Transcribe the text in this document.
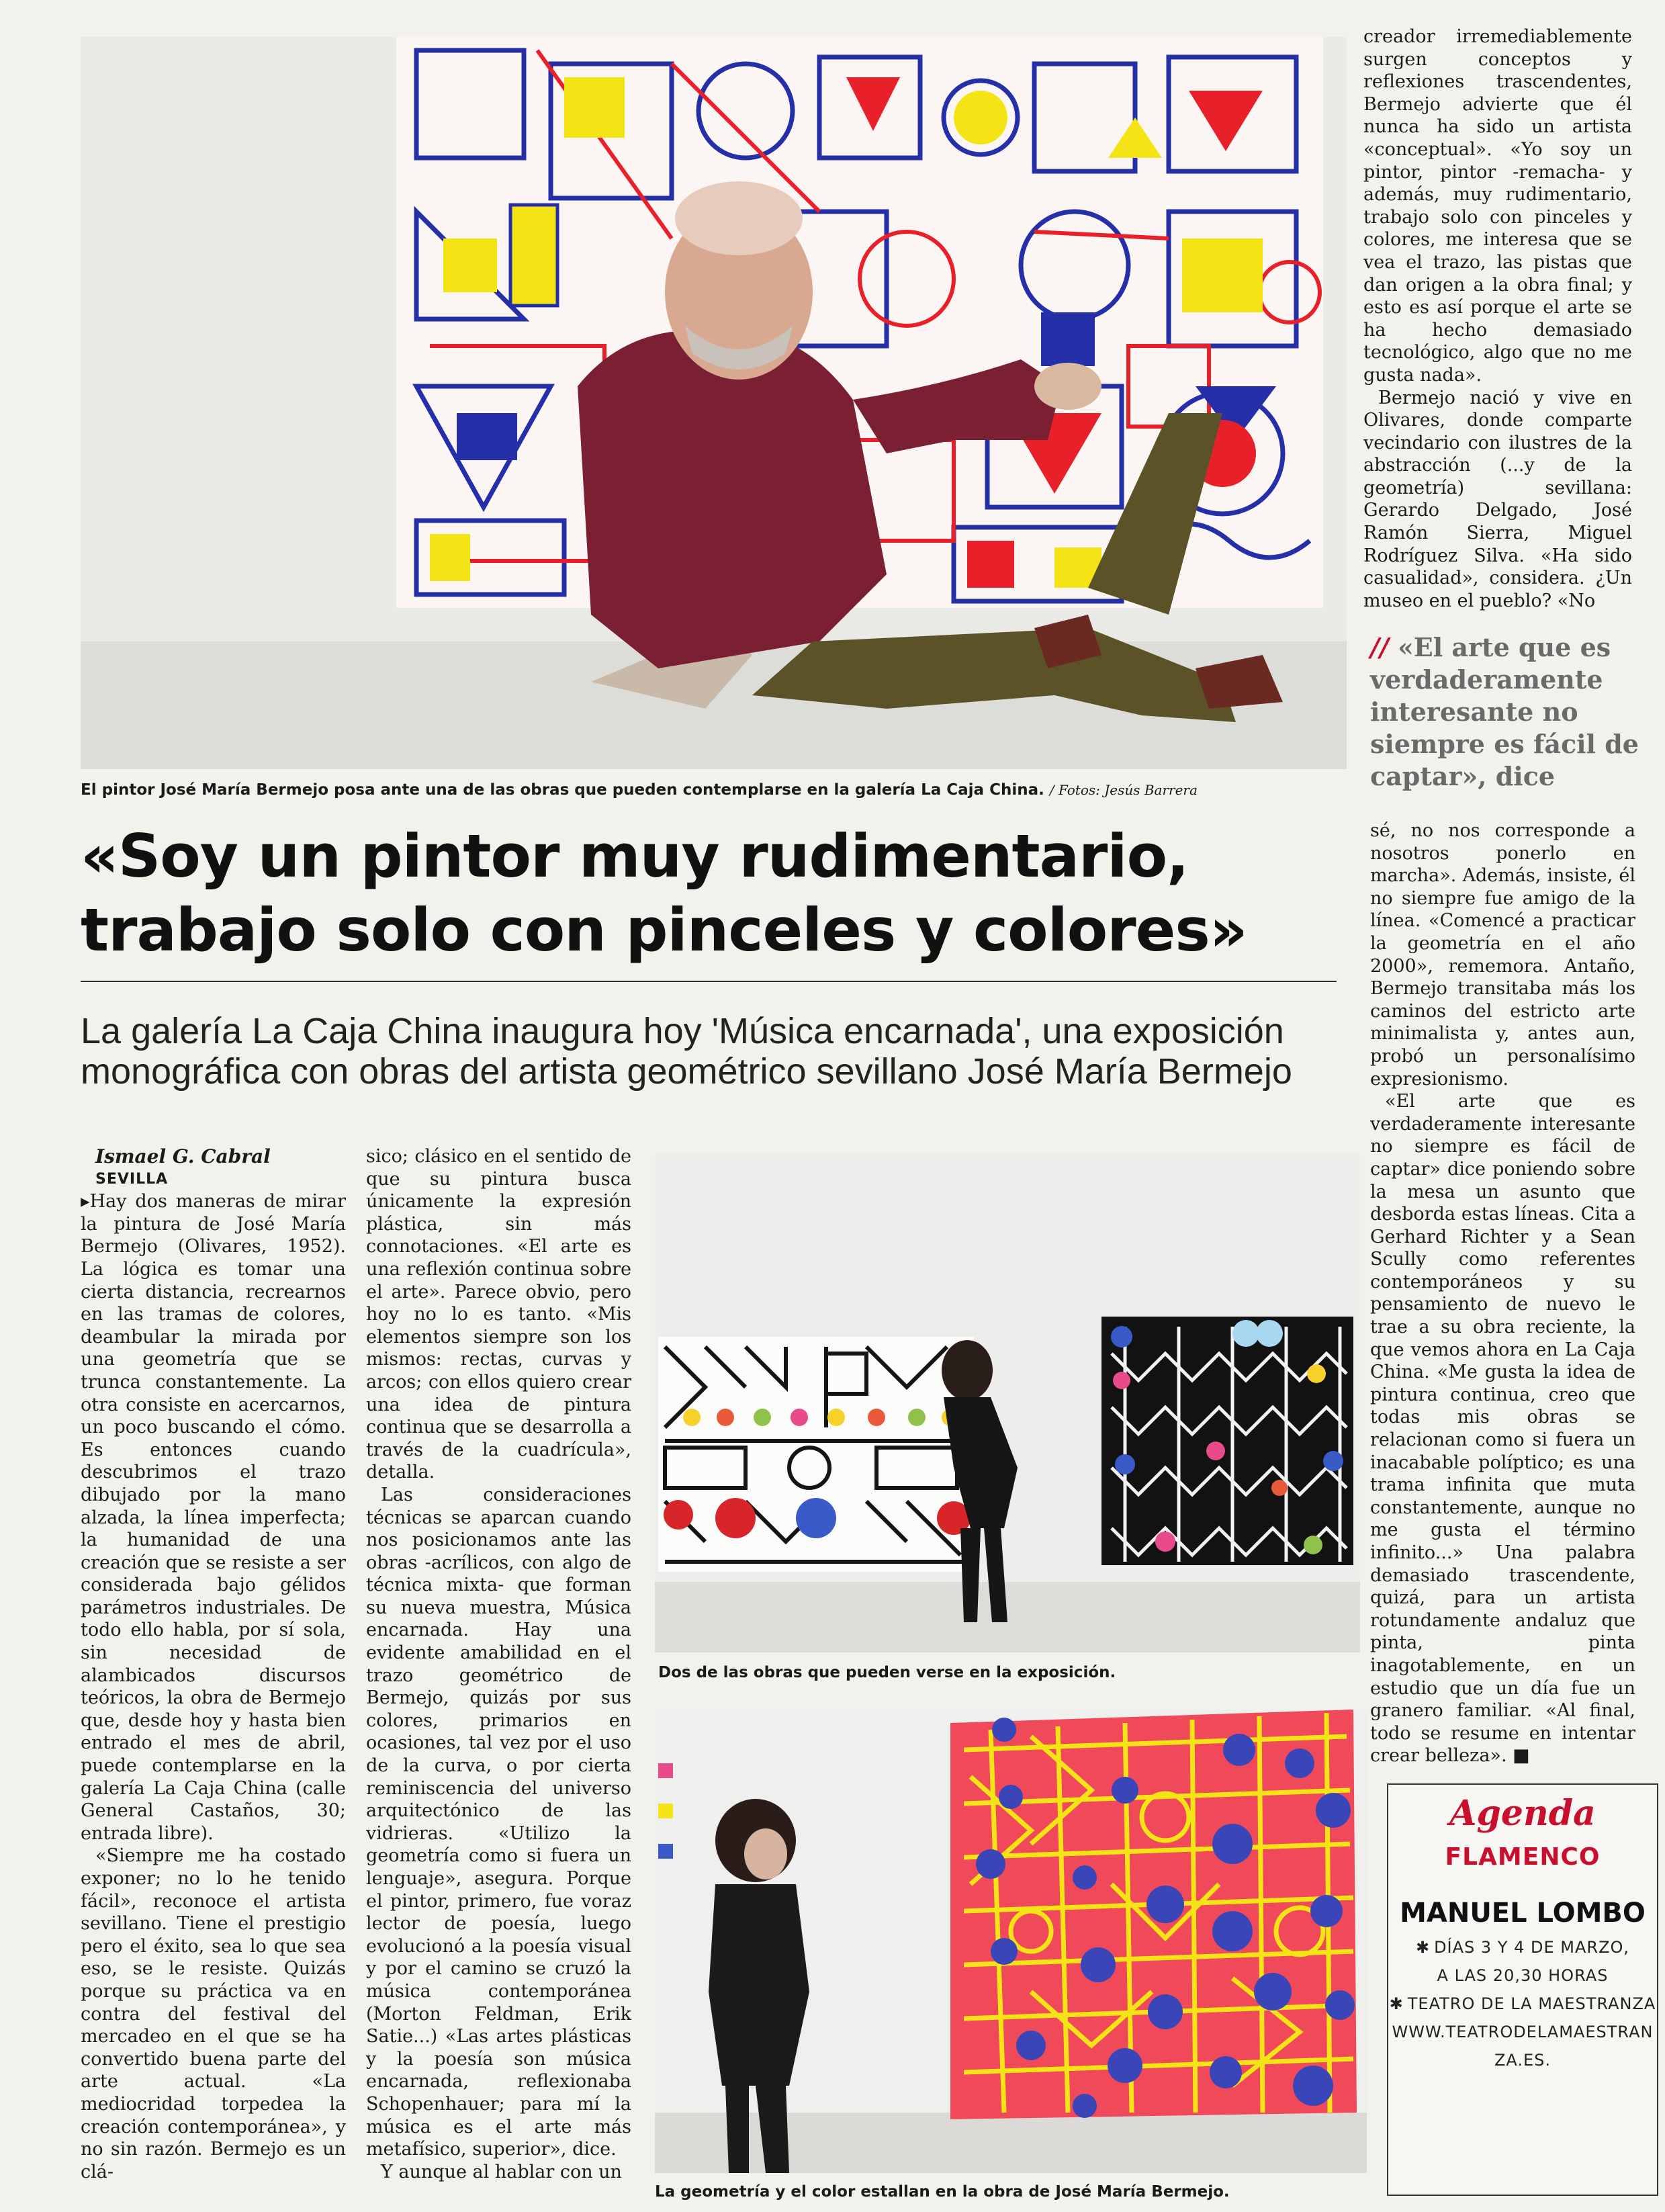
El pintor José María Bermejo posa ante una de las obras que pueden contemplarse en la galería La Caja China. / Fotos: Jesús Barrera
«Soy un pintor muy rudimentario, trabajo solo con pinceles y colores»
La galería La Caja China inaugura hoy 'Música encarnada', una exposición monográfica con obras del artista geométrico sevillano José María Bermejo

Ismael G. Cabral

SEVILLA

▸Hay dos maneras de mirar la pintura de José María Bermejo (Olivares, 1952). La lógica es tomar una cierta distancia, recrearnos en las tramas de colores, deambular la mirada por una geometría que se trunca constantemente. La otra consiste en acercarnos, un poco buscando el cómo. Es entonces cuando descubrimos el trazo dibujado por la mano alzada, la línea imperfecta; la humanidad de una creación que se resiste a ser considerada bajo gélidos parámetros industriales. De todo ello habla, por sí sola, sin necesidad de alambicados discursos teóricos, la obra de Bermejo que, desde hoy y hasta bien entrado el mes de abril, puede contemplarse en la galería La Caja China (calle General Castaños, 30; entrada libre).

«Siempre me ha costado exponer; no lo he tenido fácil», reconoce el artista sevillano. Tiene el prestigio pero el éxito, sea lo que sea eso, se le resiste. Quizás porque su práctica va en contra del festival del mercadeo en el que se ha convertido buena parte del arte actual. «La mediocridad torpedea la creación contemporánea», y no sin razón. Bermejo es un clá-

sico; clásico en el sentido de que su pintura busca únicamente la expresión plástica, sin más connotaciones. «El arte es una reflexión continua sobre el arte». Parece obvio, pero hoy no lo es tanto. «Mis elementos siempre son los mismos: rectas, curvas y arcos; con ellos quiero crear una idea de pintura continua que se desarrolla a través de la cuadrícula», detalla.

Las consideraciones técnicas se aparcan cuando nos posicionamos ante las obras -acrílicos, con algo de técnica mixta- que forman su nueva muestra, Música encarnada. Hay una evidente amabilidad en el trazo geométrico de Bermejo, quizás por sus colores, primarios en ocasiones, tal vez por el uso de la curva, o por cierta reminiscencia del universo arquitectónico de las vidrieras. «Utilizo la geometría como si fuera un lenguaje», asegura. Porque el pintor, primero, fue voraz lector de poesía, luego evolucionó a la poesía visual y por el camino se cruzó la música contemporánea (Morton Feldman, Erik Satie...) «Las artes plásticas y la poesía son música encarnada, reflexionaba Schopenhauer; para mí la música es el arte más metafísico, superior», dice.

Y aunque al hablar con un

Dos de las obras que pueden verse en la exposición.
La geometría y el color estallan en la obra de José María Bermejo.

creador irremediablemente surgen conceptos y reflexiones trascendentes, Bermejo advierte que él nunca ha sido un artista «conceptual». «Yo soy un pintor, pintor -remacha- y además, muy rudimentario, trabajo solo con pinceles y colores, me interesa que se vea el trazo, las pistas que dan origen a la obra final; y esto es así porque el arte se ha hecho demasiado tecnológico, algo que no me gusta nada».

Bermejo nació y vive en Olivares, donde comparte vecindario con ilustres de la abstracción (...y de la geometría) sevillana: Gerardo Delgado, José Ramón Sierra, Miguel Rodríguez Silva. «Ha sido casualidad», considera. ¿Un museo en el pueblo? «No

// «El arte que es verdaderamente interesante no siempre es fácil de captar», dice

sé, no nos corresponde a nosotros ponerlo en marcha». Además, insiste, él no siempre fue amigo de la línea. «Comencé a practicar la geometría en el año 2000», rememora. Antaño, Bermejo transitaba más los caminos del estricto arte minimalista y, antes aun, probó un personalísimo expresionismo.

«El arte que es verdaderamente interesante no siempre es fácil de captar» dice poniendo sobre la mesa un asunto que desborda estas líneas. Cita a Gerhard Richter y a Sean Scully como referentes contemporáneos y su pensamiento de nuevo le trae a su obra reciente, la que vemos ahora en La Caja China. «Me gusta la idea de pintura continua, creo que todas mis obras se relacionan como si fuera un inacabable políptico; es una trama infinita que muta constantemente, aunque no me gusta el término infinito...» Una palabra demasiado trascendente, quizá, para un artista rotundamente andaluz que pinta, pinta inagotablemente, en un estudio que un día fue un granero familiar. «Al final, todo se resume en intentar crear belleza». ■

Agenda
FLAMENCO
MANUEL LOMBO
✱ DÍAS 3 Y 4 DE MARZO,
A LAS 20,30 HORAS
✱ TEATRO DE LA MAESTRANZA
WWW.TEATRODELAMAESTRAN
ZA.ES.
